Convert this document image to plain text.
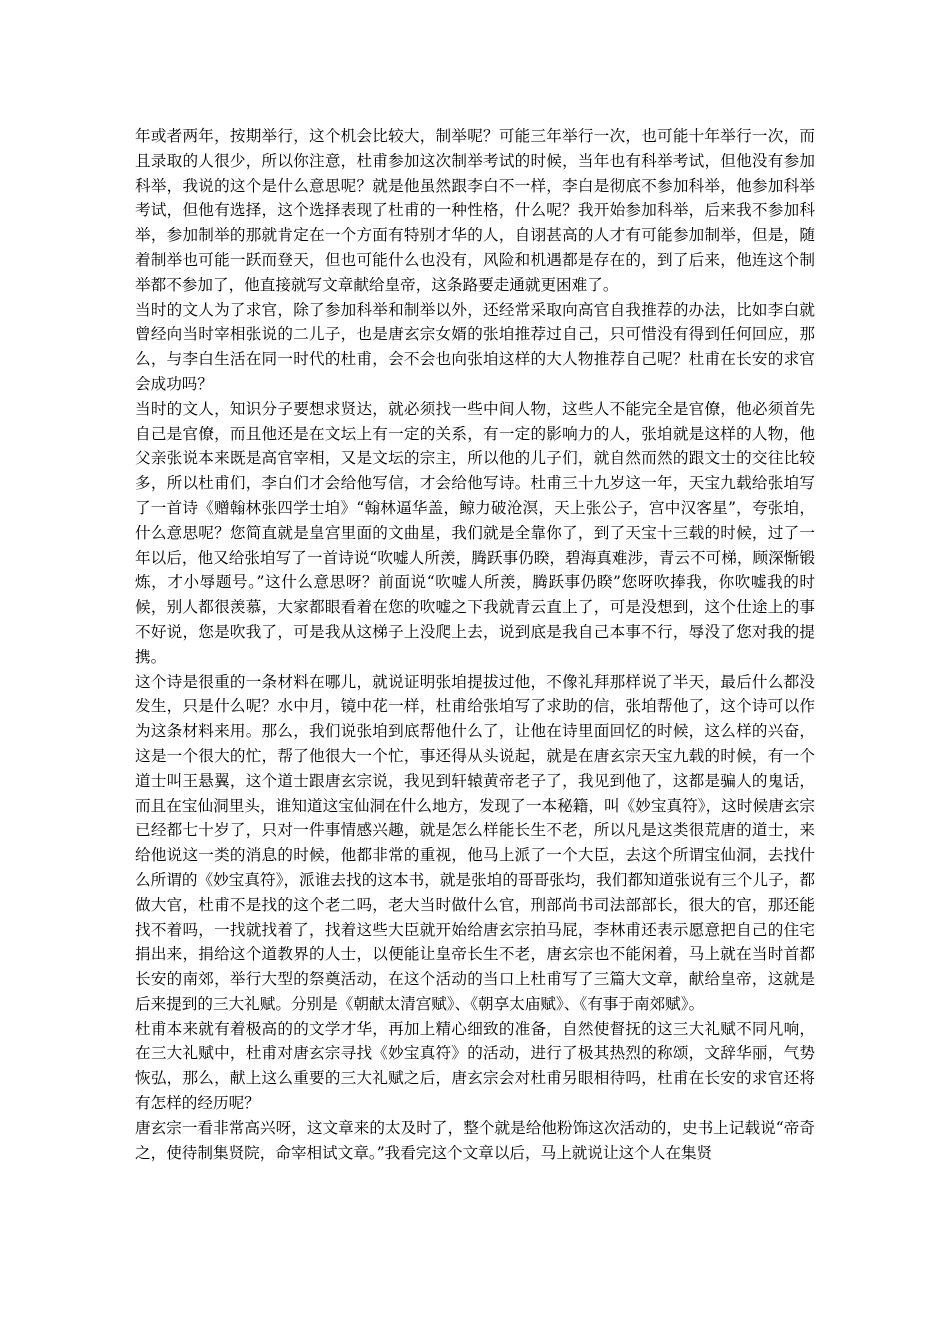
年或者两年，按期举行，这个机会比较大，制举呢？可能三年举行一次，也可能十年举行一次，而且录取的人很少，所以你注意，杜甫参加这次制举考试的时候，当年也有科举考试，但他没有参加科举，我说的这个是什么意思呢？就是他虽然跟李白不一样，李白是彻底不参加科举，他参加科举考试，但他有选择，这个选择表现了杜甫的一种性格，什么呢？我开始参加科举，后来我不参加科举，参加制举的那就肯定在一个方面有特别才华的人，自诩甚高的人才有可能参加制举，但是，随着制举也可能一跃而登天，但也可能什么也没有，风险和机遇都是存在的，到了后来，他连这个制举都不参加了，他直接就写文章献给皇帝，这条路要走通就更困难了。

当时的文人为了求官，除了参加科举和制举以外，还经常采取向高官自我推荐的办法，比如李白就曾经向当时宰相张说的二儿子，也是唐玄宗女婿的张垍推荐过自己，只可惜没有得到任何回应，那么，与李白生活在同一时代的杜甫，会不会也向张垍这样的大人物推荐自己呢？杜甫在长安的求官会成功吗？

当时的文人，知识分子要想求贤达，就必须找一些中间人物，这些人不能完全是官僚，他必须首先自己是官僚，而且他还是在文坛上有一定的关系，有一定的影响力的人，张垍就是这样的人物，他父亲张说本来既是高官宰相，又是文坛的宗主，所以他的儿子们，就自然而然的跟文士的交往比较多，所以杜甫们，李白们才会给他写信，才会给他写诗。杜甫三十九岁这一年，天宝九载给张垍写了一首诗《赠翰林张四学士垍》“翰林逼华盖，鲸力破沧溟，天上张公子，宫中汉客星”，夸张垍，什么意思呢？您简直就是皇宫里面的文曲星，我们就是全靠你了，到了天宝十三载的时候，过了一年以后，他又给张垍写了一首诗说“吹嘘人所羡，腾跃事仍睽，碧海真难涉，青云不可梯，顾深惭锻炼，才小辱题号。”这什么意思呀？前面说“吹嘘人所羡，腾跃事仍睽”您呀吹捧我，你吹嘘我的时候，别人都很羡慕，大家都眼看着在您的吹嘘之下我就青云直上了，可是没想到，这个仕途上的事不好说，您是吹我了，可是我从这梯子上没爬上去，说到底是我自己本事不行，辱没了您对我的提携。

这个诗是很重的一条材料在哪儿，就说证明张垍提拔过他，不像礼拜那样说了半天，最后什么都没发生，只是什么呢？水中月，镜中花一样，杜甫给张垍写了求助的信，张垍帮他了，这个诗可以作为这条材料来用。那么，我们说张垍到底帮他什么了，让他在诗里面回忆的时候，这么样的兴奋，这是一个很大的忙，帮了他很大一个忙，事还得从头说起，就是在唐玄宗天宝九载的时候，有一个道士叫王悬翼，这个道士跟唐玄宗说，我见到轩辕黄帝老子了，我见到他了，这都是骗人的鬼话，而且在宝仙洞里头，谁知道这宝仙洞在什么地方，发现了一本秘籍，叫《妙宝真符》，这时候唐玄宗已经都七十岁了，只对一件事情感兴趣，就是怎么样能长生不老，所以凡是这类很荒唐的道士，来给他说这一类的消息的时候，他都非常的重视，他马上派了一个大臣，去这个所谓宝仙洞，去找什么所谓的《妙宝真符》，派谁去找的这本书，就是张垍的哥哥张均，我们都知道张说有三个儿子，都做大官，杜甫不是找的这个老二吗，老大当时做什么官，刑部尚书司法部部长，很大的官，那还能找不着吗，一找就找着了，找着这些大臣就开始给唐玄宗拍马屁，李林甫还表示愿意把自己的住宅捐出来，捐给这个道教界的人士，以便能让皇帝长生不老，唐玄宗也不能闲着，马上就在当时首都长安的南郊，举行大型的祭奠活动，在这个活动的当口上杜甫写了三篇大文章，献给皇帝，这就是后来提到的三大礼赋。分别是《朝献太清宫赋》、《朝享太庙赋》、《有事于南郊赋》。

杜甫本来就有着极高的的文学才华，再加上精心细致的准备，自然使督抚的这三大礼赋不同凡响，在三大礼赋中，杜甫对唐玄宗寻找《妙宝真符》的活动，进行了极其热烈的称颂，文辞华丽，气势恢弘，那么，献上这么重要的三大礼赋之后，唐玄宗会对杜甫另眼相待吗，杜甫在长安的求官还将有怎样的经历呢？

唐玄宗一看非常高兴呀，这文章来的太及时了，整个就是给他粉饰这次活动的，史书上记载说“帝奇之，使待制集贤院，命宰相试文章。”我看完这个文章以后，马上就说让这个人在集贤
